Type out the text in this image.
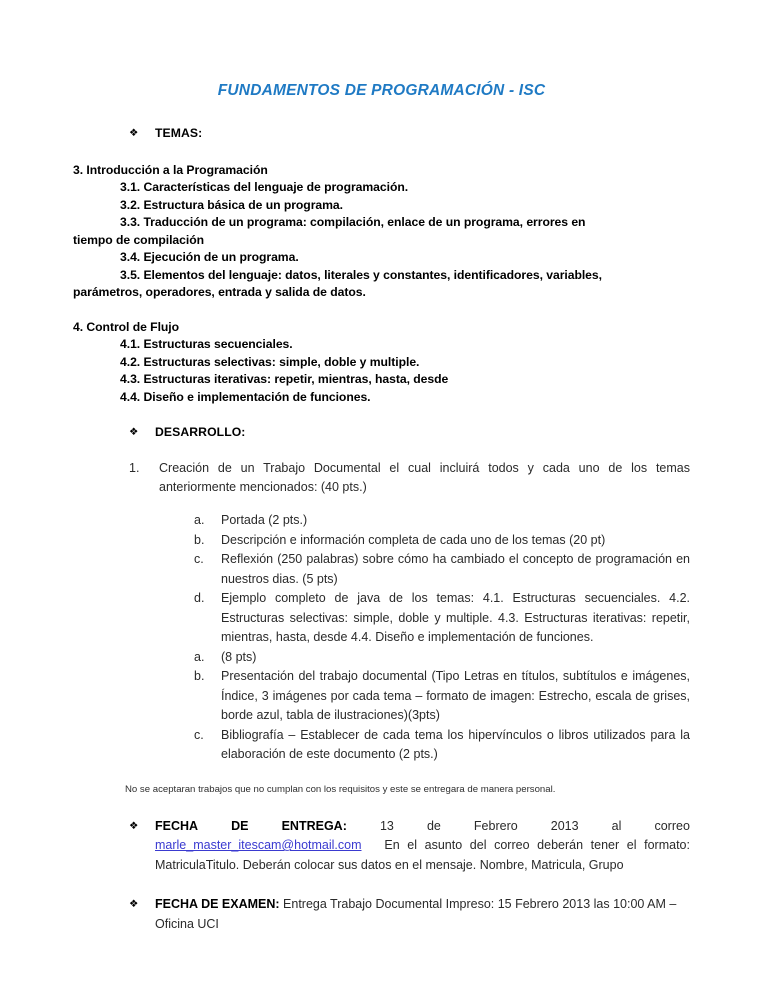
FUNDAMENTOS DE PROGRAMACIÓN - ISC
❖	TEMAS:

3. Introducción a la Programación

3.1. Características del lenguaje de programación.

3.2. Estructura básica de un programa.

3.3. Traducción de un programa: compilación, enlace de un programa, errores en

tiempo de compilación

3.4. Ejecución de un programa.

3.5. Elementos del lenguaje: datos, literales y constantes, identificadores, variables,

parámetros, operadores, entrada y salida de datos.

4. Control de Flujo

4.1. Estructuras secuenciales.

4.2. Estructuras selectivas: simple, doble y multiple.

4.3. Estructuras iterativas: repetir, mientras, hasta, desde

4.4. Diseño e implementación de funciones.

❖	DESARROLLO:
1.	Creación de un Trabajo Documental el cual incluirá todos y cada uno de los temas anteriormente mencionados: (40 pts.)
a.	Portada (2 pts.)
b.	Descripción e información completa de cada uno de los temas (20 pt)
c.	Reflexión (250 palabras) sobre cómo ha cambiado el concepto de programación en nuestros dias. (5 pts)
d.	Ejemplo completo de java de los temas: 4.1. Estructuras secuenciales. 4.2. Estructuras selectivas: simple, doble y multiple. 4.3. Estructuras iterativas: repetir, mientras, hasta, desde 4.4. Diseño e implementación de funciones.
a.	(8 pts)
b.	Presentación del trabajo documental (Tipo Letras en títulos, subtítulos e imágenes, Índice, 3 imágenes por cada tema – formato de imagen: Estrecho, escala de grises, borde azul, tabla de ilustraciones)(3pts)
c.	Bibliografía – Establecer de cada tema los hipervínculos o libros utilizados para la elaboración de este documento (2 pts.)

No se aceptaran trabajos que no cumplan con los requisitos y este se entregara de manera personal.

❖	FECHA	DE	ENTREGA:	13	de	Febrero	2013	al	correo
marle_master_itescam@hotmail.com En el asunto del correo deberán tener el formato: MatriculaTitulo. Deberán colocar sus datos en el mensaje. Nombre, Matricula, Grupo
❖	FECHA DE EXAMEN: Entrega Trabajo Documental Impreso: 15 Febrero 2013 las 10:00 AM – Oficina UCI
